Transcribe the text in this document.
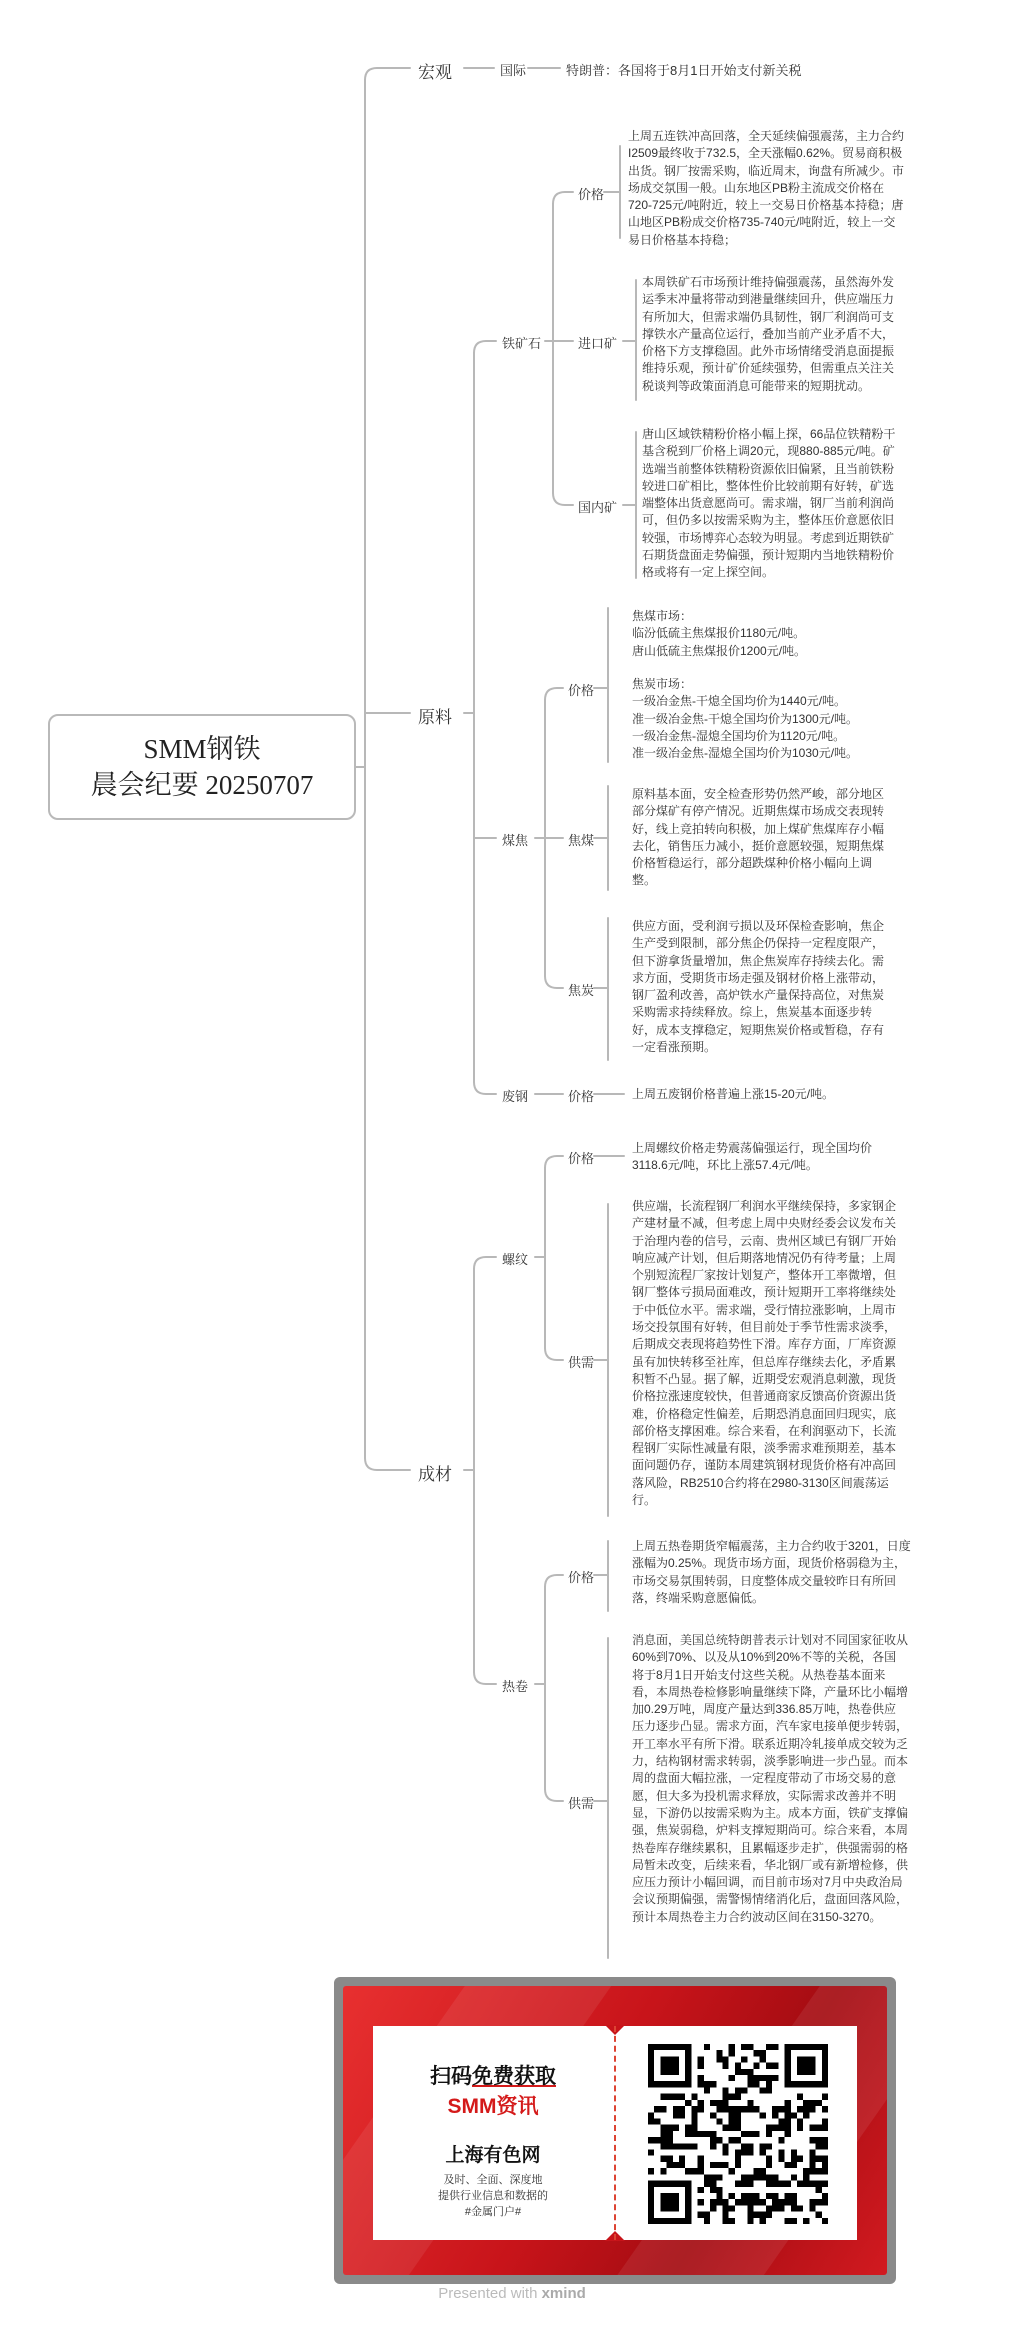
SMM钢铁
晨会纪要 20250707
宏观
原料
成材
国际	特朗普：各国将于8月1日开始支付新关税
铁矿石
价格
上周五连铁冲高回落，全天延续偏强震荡，主力合约
I2509最终收于732.5，全天涨幅0.62%。贸易商积极
出货。钢厂按需采购，临近周末，询盘有所减少。市
场成交氛围一般。山东地区PB粉主流成交价格在
720-725元/吨附近，较上一交易日价格基本持稳；唐
山地区PB粉成交价格735-740元/吨附近，较上一交
易日价格基本持稳；
进口矿
本周铁矿石市场预计维持偏强震荡，虽然海外发
运季末冲量将带动到港量继续回升，供应端压力
有所加大，但需求端仍具韧性，钢厂利润尚可支
撑铁水产量高位运行，叠加当前产业矛盾不大，
价格下方支撑稳固。此外市场情绪受消息面提振
维持乐观，预计矿价延续强势，但需重点关注关
税谈判等政策面消息可能带来的短期扰动。
国内矿
唐山区域铁精粉价格小幅上探，66品位铁精粉干
基含税到厂价格上调20元，现880-885元/吨。矿
选端当前整体铁精粉资源依旧偏紧，且当前铁粉
较进口矿相比，整体性价比较前期有好转，矿选
端整体出货意愿尚可。需求端，钢厂当前利润尚
可，但仍多以按需采购为主，整体压价意愿依旧
较强，市场博弈心态较为明显。考虑到近期铁矿
石期货盘面走势偏强，预计短期内当地铁精粉价
格或将有一定上探空间。
煤焦
价格
焦煤市场：
临汾低硫主焦煤报价1180元/吨。
唐山低硫主焦煤报价1200元/吨。
焦炭市场：
一级冶金焦-干熄全国均价为1440元/吨。
准一级冶金焦-干熄全国均价为1300元/吨。
一级冶金焦-湿熄全国均价为1120元/吨。
准一级冶金焦-湿熄全国均价为1030元/吨。
焦煤
原料基本面，安全检查形势仍然严峻，部分地区
部分煤矿有停产情况。近期焦煤市场成交表现转
好，线上竞拍转向积极，加上煤矿焦煤库存小幅
去化，销售压力减小，挺价意愿较强，短期焦煤
价格暂稳运行，部分超跌煤种价格小幅向上调
整。
焦炭
供应方面，受利润亏损以及环保检查影响，焦企
生产受到限制，部分焦企仍保持一定程度限产，
但下游拿货量增加，焦企焦炭库存持续去化。需
求方面，受期货市场走强及钢材价格上涨带动，
钢厂盈利改善，高炉铁水产量保持高位，对焦炭
采购需求持续释放。综上，焦炭基本面逐步转
好，成本支撑稳定，短期焦炭价格或暂稳，存有
一定看涨预期。
废钢	价格	上周五废钢价格普遍上涨15-20元/吨。
螺纹
价格
上周螺纹价格走势震荡偏强运行，现全国均价
3118.6元/吨，环比上涨57.4元/吨。
供需
供应端，长流程钢厂利润水平继续保持，多家钢企
产建材量不减，但考虑上周中央财经委会议发布关
于治理内卷的信号，云南、贵州区域已有钢厂开始
响应减产计划，但后期落地情况仍有待考量；上周
个别短流程厂家按计划复产，整体开工率微增，但
钢厂整体亏损局面难改，预计短期开工率将继续处
于中低位水平。需求端，受行情拉涨影响，上周市
场交投氛围有好转，但目前处于季节性需求淡季，
后期成交表现将趋势性下滑。库存方面，厂库资源
虽有加快转移至社库，但总库存继续去化，矛盾累
积暂不凸显。据了解，近期受宏观消息刺激，现货
价格拉涨速度较快，但普通商家反馈高价资源出货
难，价格稳定性偏差，后期恐消息面回归现实，底
部价格支撑困难。综合来看，在利润驱动下，长流
程钢厂实际性减量有限，淡季需求难预期差，基本
面问题仍存，谨防本周建筑钢材现货价格有冲高回
落风险，RB2510合约将在2980-3130区间震荡运
行。
热卷
价格
上周五热卷期货窄幅震荡，主力合约收于3201，日度
涨幅为0.25%。现货市场方面，现货价格弱稳为主，
市场交易氛围转弱，日度整体成交量较昨日有所回
落，终端采购意愿偏低。
供需
消息面，美国总统特朗普表示计划对不同国家征收从
60%到70%、以及从10%到20%不等的关税，各国
将于8月1日开始支付这些关税。从热卷基本面来
看，本周热卷检修影响量继续下降，产量环比小幅增
加0.29万吨，周度产量达到336.85万吨，热卷供应
压力逐步凸显。需求方面，汽车家电接单便步转弱，
开工率水平有所下滑。联系近期冷轧接单成交较为乏
力，结构钢材需求转弱，淡季影响进一步凸显。而本
周的盘面大幅拉涨，一定程度带动了市场交易的意
愿，但大多为投机需求释放，实际需求改善并不明
显，下游仍以按需采购为主。成本方面，铁矿支撑偏
强，焦炭弱稳，炉料支撑短期尚可。综合来看，本周
热卷库存继续累积，且累幅逐步走扩，供强需弱的格
局暂未改变，后续来看，华北钢厂或有新增检修，供
应压力预计小幅回调，而目前市场对7月中央政治局
会议预期偏强，需警惕情绪消化后，盘面回落风险，
预计本周热卷主力合约波动区间在3150-3270。
扫码免费获取
SMM资讯
上海有色网
及时、全面、深度地
提供行业信息和数据的
#金属门户#
Presented with xmind
